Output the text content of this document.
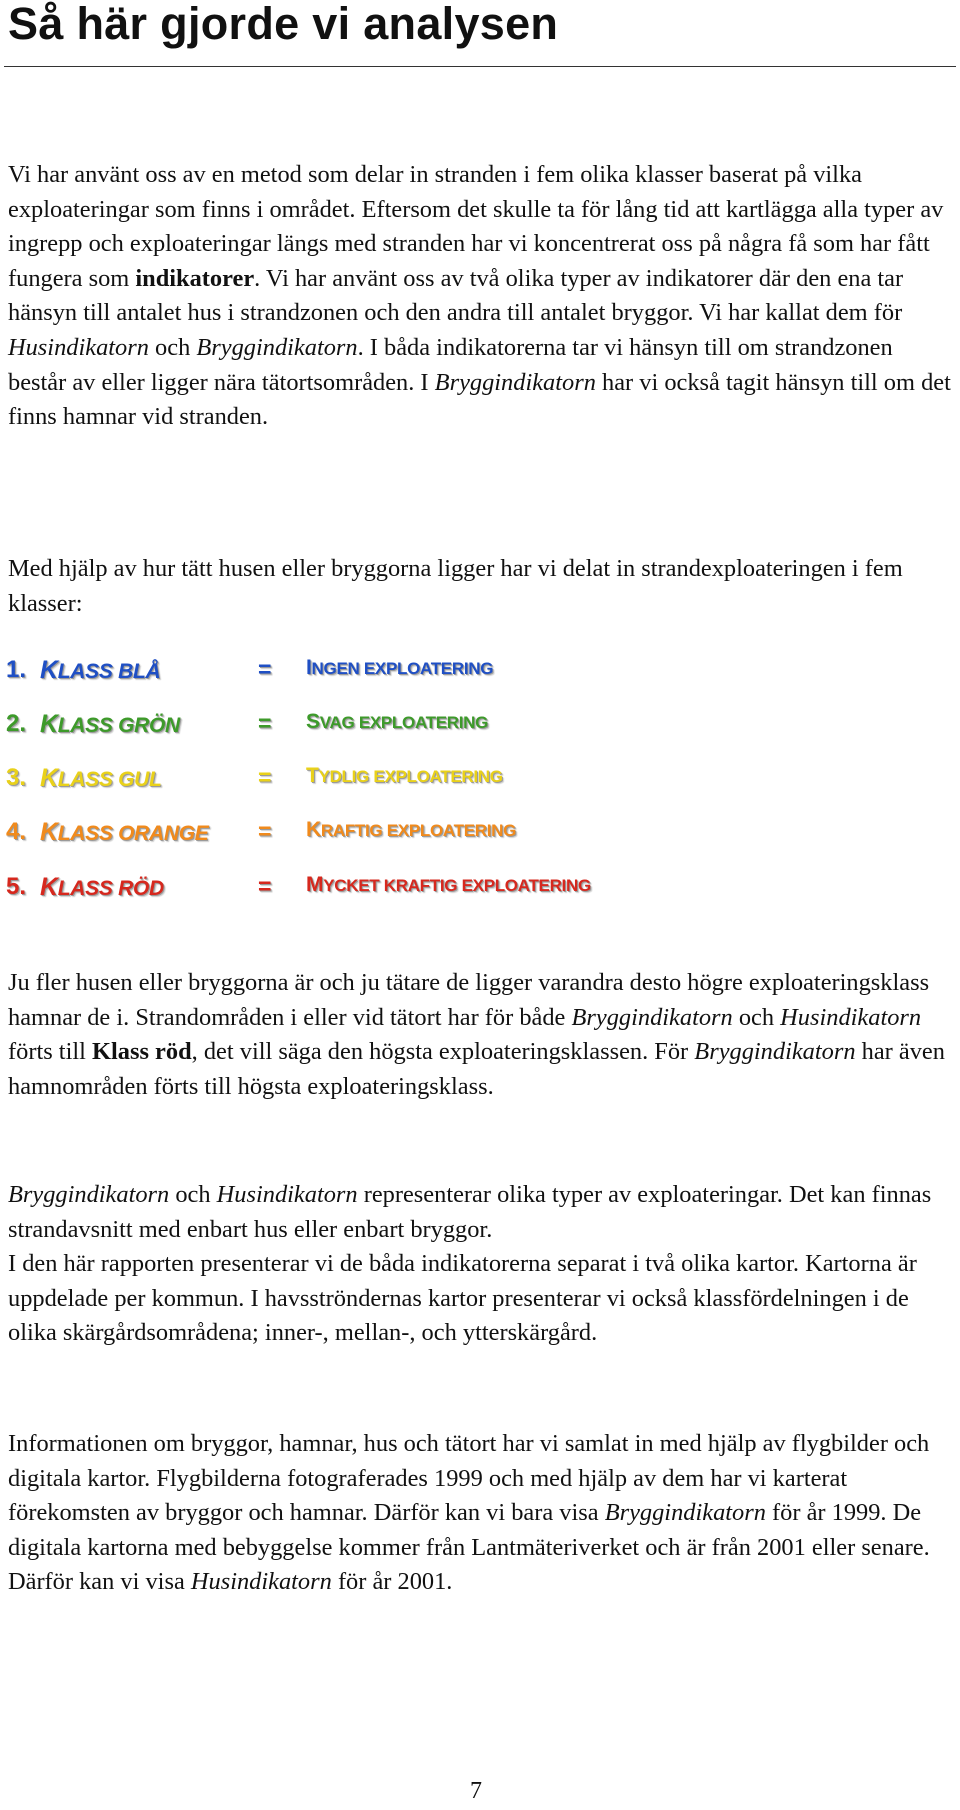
Så här gjorde vi analysen

Vi har använt oss av en metod som delar in stranden i fem olika klasser baserat på vilka exploateringar som finns i området. Eftersom det skulle ta för lång tid att kartlägga alla typer av ingrepp och exploateringar längs med stranden har vi koncentrerat oss på några få som har fått fungera som indikatorer. Vi har använt oss av två olika typer av indikatorer där den ena tar hänsyn till antalet hus i strandzonen och den andra till antalet bryggor. Vi har kallat dem för Husindikatorn och Bryggindikatorn. I båda indikatorerna tar vi hänsyn till om strandzonen består av eller ligger nära tätortsområden. I Bryggindikatorn har vi också tagit hänsyn till om det finns hamnar vid stranden.

Med hjälp av hur tätt husen eller bryggorna ligger har vi delat in strandexploateringen i fem klasser:

1. KLASS BLÅ	= INGEN EXPLOATERING
2. KLASS GRÖN	= SVAG EXPLOATERING
3. KLASS GUL	= TYDLIG EXPLOATERING
4. KLASS ORANGE = KRAFTIG EXPLOATERING
5. KLASS RÖD	= MYCKET KRAFTIG EXPLOATERING

Ju fler husen eller bryggorna är och ju tätare de ligger varandra desto högre exploateringsklass hamnar de i. Strandområden i eller vid tätort har för både Bryggindikatorn och Husindikatorn förts till Klass röd, det vill säga den högsta exploateringsklassen. För Bryggindikatorn har även hamnområden förts till högsta exploateringsklass.

Bryggindikatorn och Husindikatorn representerar olika typer av exploateringar. Det kan finnas strandavsnitt med enbart hus eller enbart bryggor.

I den här rapporten presenterar vi de båda indikatorerna separat i två olika kartor. Kartorna är uppdelade per kommun. I havsströndernas kartor presenterar vi också klassfördelningen i de olika skärgårdsområdena; inner-, mellan-, och ytterskärgård.

Informationen om bryggor, hamnar, hus och tätort har vi samlat in med hjälp av flygbilder och digitala kartor. Flygbilderna fotograferades 1999 och med hjälp av dem har vi karterat förekomsten av bryggor och hamnar. Därför kan vi bara visa Bryggindikatorn för år 1999. De digitala kartorna med bebyggelse kommer från Lantmäteriverket och är från 2001 eller senare. Därför kan vi visa Husindikatorn för år 2001.

7
